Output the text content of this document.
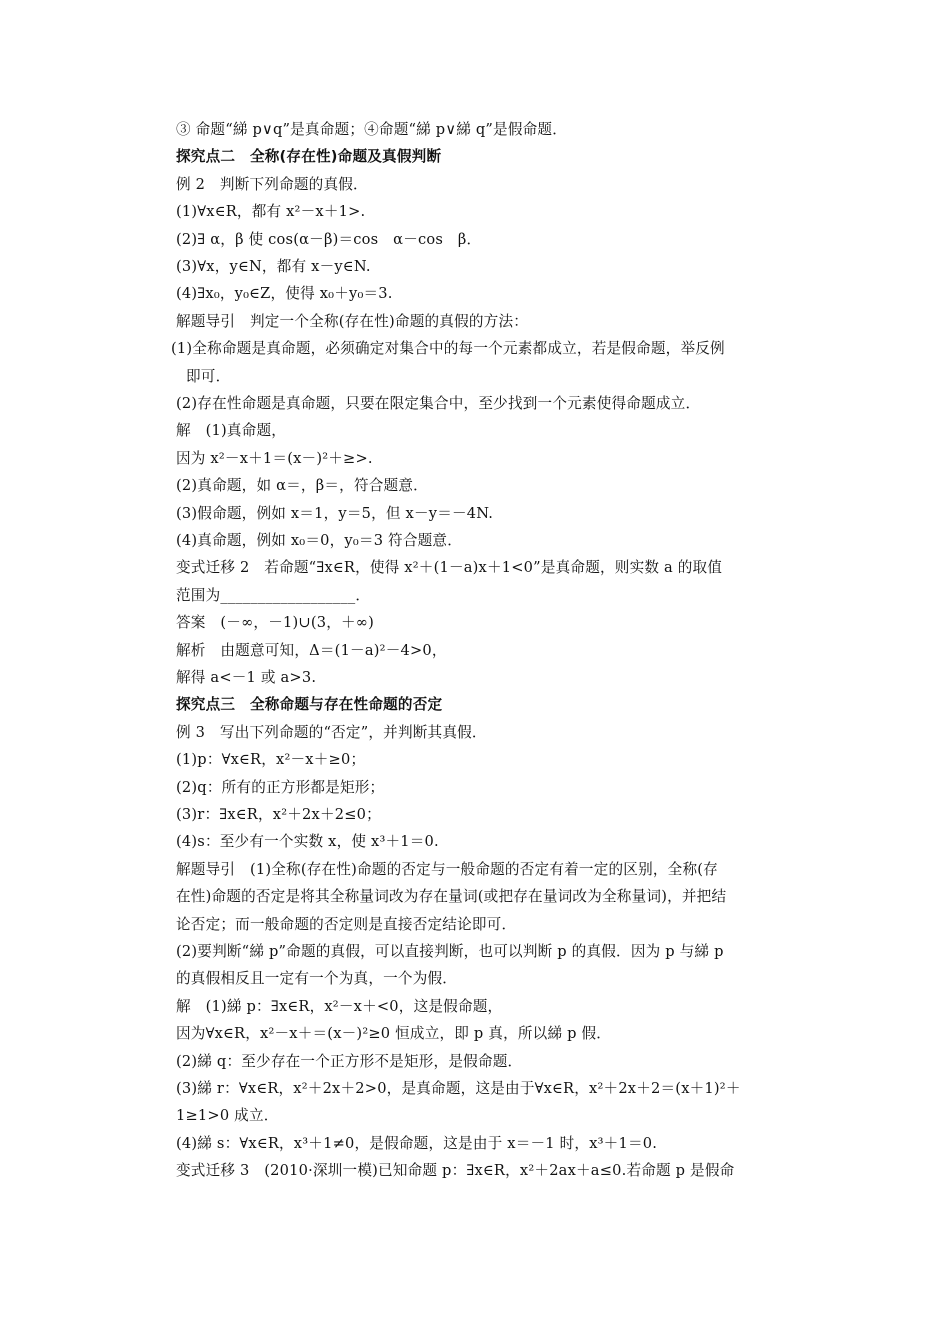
③ 命题“綈 p∨q”是真命题；④命题“綈 p∨綈 q”是假命题．
探究点二　全称(存在性)命题及真假判断
例 2　判断下列命题的真假．
(1)∀x∈R，都有 x²－x＋1>.
(2)∃ α，β 使 cos(α－β)＝cos　α－cos　β．
(3)∀x，y∈N，都有 x－y∈N.
(4)∃x₀，y₀∈Z，使得 x₀＋y₀＝3.
解题导引　判定一个全称(存在性)命题的真假的方法：
(1)全称命题是真命题，必须确定对集合中的每一个元素都成立，若是假命题，举反例
即可．
(2)存在性命题是真命题，只要在限定集合中，至少找到一个元素使得命题成立．
解　(1)真命题，
因为 x²－x＋1＝(x－)²＋≥>.
(2)真命题，如 α＝，β＝，符合题意．
(3)假命题，例如 x＝1，y＝5，但 x－y＝－4N.
(4)真命题，例如 x₀＝0，y₀＝3 符合题意．
变式迁移 2　若命题“∃x∈R，使得 x²＋(1－a)x＋1<0”是真命题，则实数 a 的取值
范围为__________________．
答案　(－∞，－1)∪(3，＋∞)
解析　由题意可知，Δ＝(1－a)²－4>0，
解得 a<－1 或 a>3.
探究点三　全称命题与存在性命题的否定
例 3　写出下列命题的“否定”，并判断其真假．
(1)p：∀x∈R，x²－x＋≥0；
(2)q：所有的正方形都是矩形；
(3)r：∃x∈R，x²＋2x＋2≤0；
(4)s：至少有一个实数 x，使 x³＋1＝0.
解题导引　(1)全称(存在性)命题的否定与一般命题的否定有着一定的区别，全称(存
在性)命题的否定是将其全称量词改为存在量词(或把存在量词改为全称量词)，并把结
论否定；而一般命题的否定则是直接否定结论即可．
(2)要判断“綈 p”命题的真假，可以直接判断，也可以判断 p 的真假．因为 p 与綈 p
的真假相反且一定有一个为真，一个为假．
解　(1)綈 p：∃x∈R，x²－x＋<0，这是假命题，
因为∀x∈R，x²－x＋＝(x－)²≥0 恒成立，即 p 真，所以綈 p 假．
(2)綈 q：至少存在一个正方形不是矩形，是假命题．
(3)綈 r：∀x∈R，x²＋2x＋2>0，是真命题，这是由于∀x∈R，x²＋2x＋2＝(x＋1)²＋
1≥1>0 成立．
(4)綈 s：∀x∈R，x³＋1≠0，是假命题，这是由于 x＝－1 时，x³＋1＝0.
变式迁移 3　(2010·深圳一模)已知命题 p：∃x∈R，x²＋2ax＋a≤0.若命题 p 是假命
